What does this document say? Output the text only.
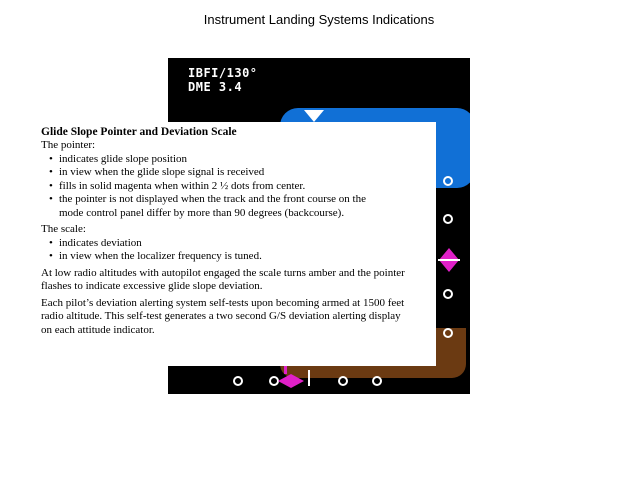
Instrument Landing Systems Indications
IBFI/130°
DME 3.4
Glide Slope Pointer and Deviation Scale

The pointer:

• indicates glide slope position
• in view when the glide slope signal is received
• fills in solid magenta when within 2 ½ dots from center.
• the pointer is not displayed when the track and the front course on the
mode control panel differ by more than 90 degrees (backcourse).

The scale:

• indicates deviation
• in view when the localizer frequency is tuned.

At low radio altitudes with autopilot engaged the scale turns amber and the pointer

flashes to indicate excessive glide slope deviation.

Each pilot’s deviation alerting system self-tests upon becoming armed at 1500 feet

radio altitude. This self-test generates a two second G/S deviation alerting display

on each attitude indicator.
